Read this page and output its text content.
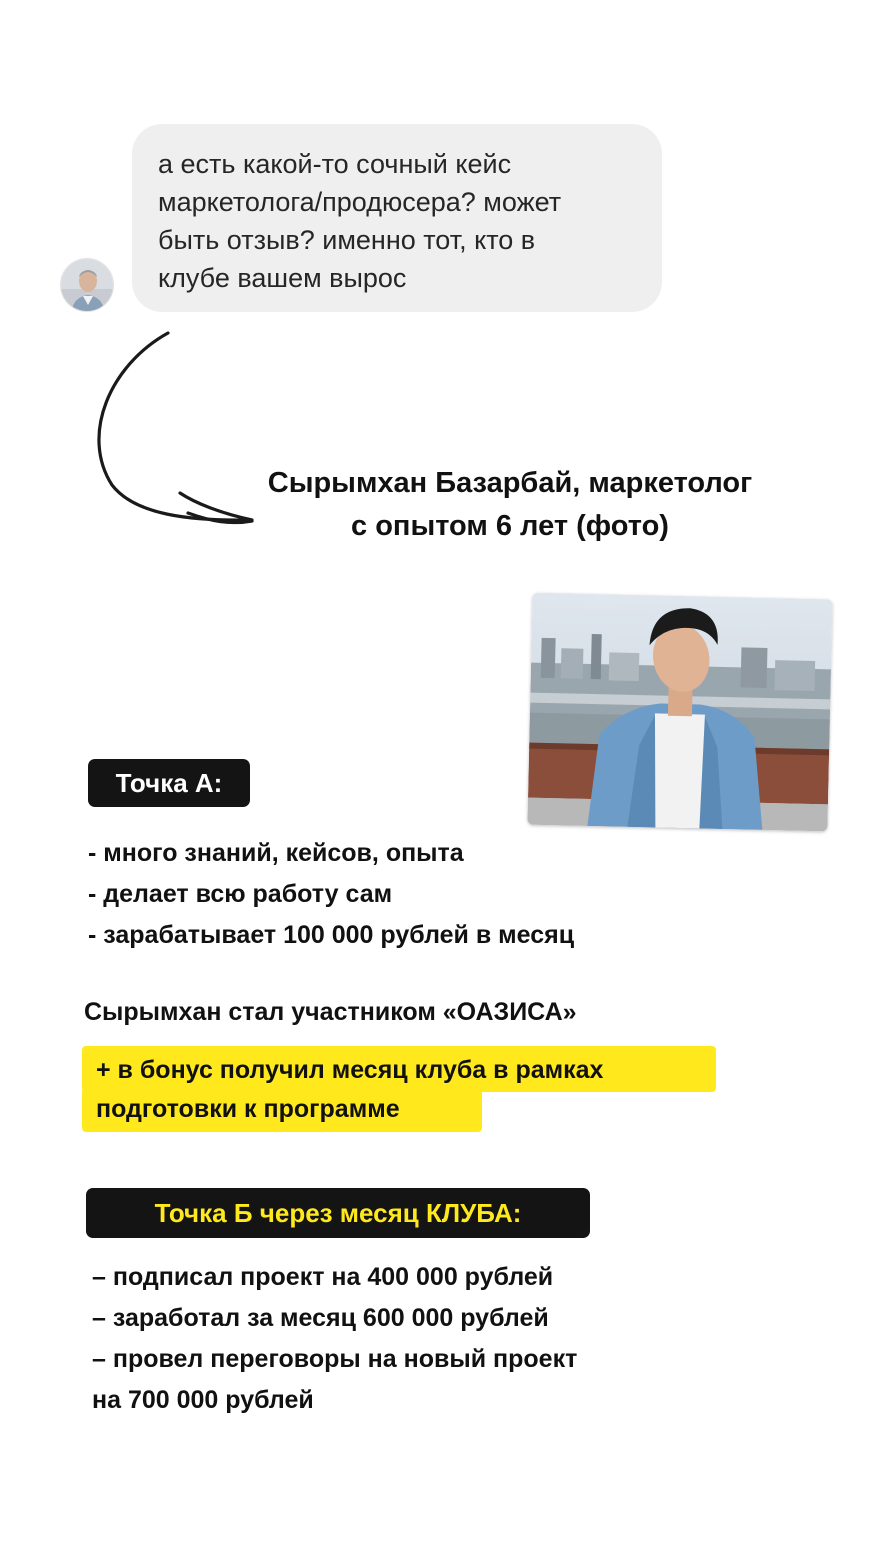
а есть какой-то сочный кейс
маркетолога/продюсера? может
быть отзыв? именно тот, кто в
клубе вашем вырос
Сырымхан Базарбай, маркетолог
с опытом 6 лет (фото)
Точка А:
- много знаний, кейсов, опыта
- делает всю работу сам
- зарабатывает 100 000 рублей в месяц
Сырымхан стал участником «ОАЗИСА»
+ в бонус получил месяц клуба в рамках
подготовки к программе
Точка Б через месяц КЛУБА:
– подписал проект на 400 000 рублей
– заработал за месяц 600 000 рублей
– провел переговоры на новый проект
на 700 000 рублей
